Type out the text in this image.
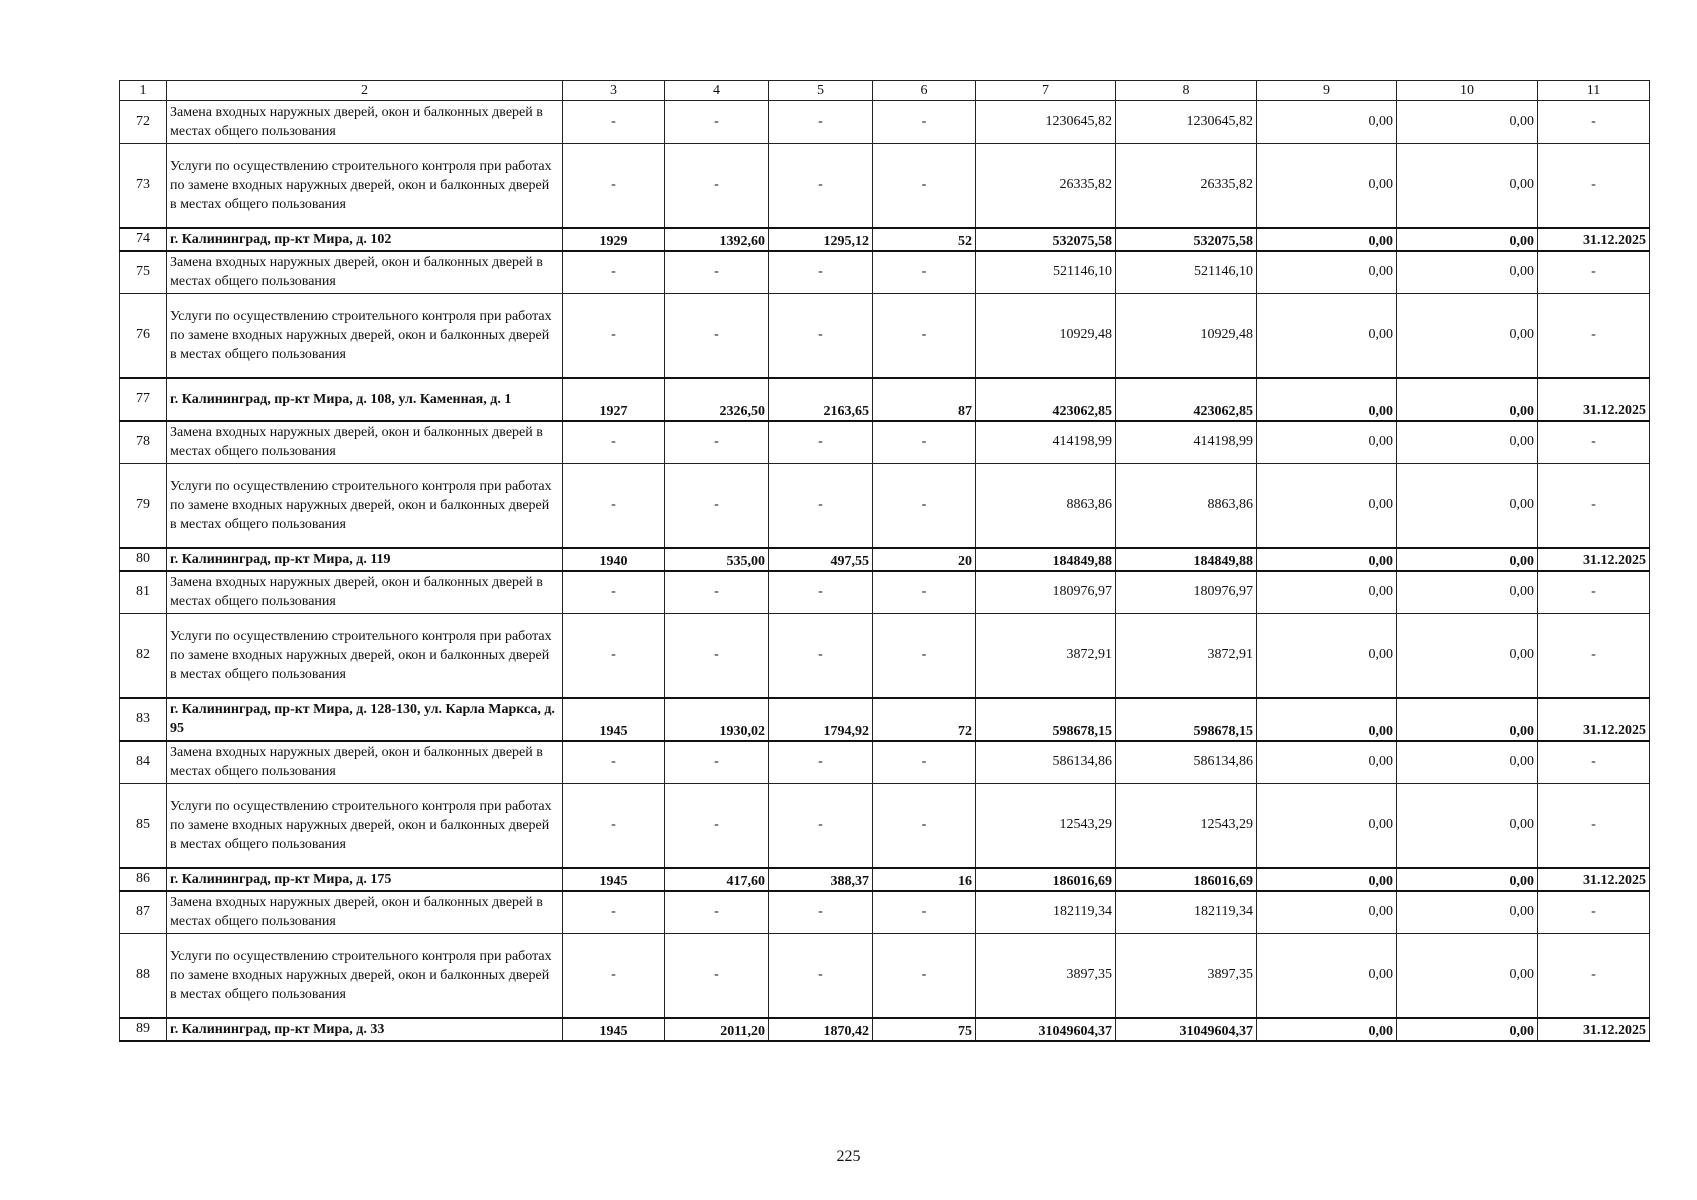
1	2	3	4	5	6	7	8	9	10	11
72	Замена входных наружных дверей, окон и балконных дверей в местах общего пользования	-	-	-	-	1230645,82	1230645,82	0,00	0,00	-
73	Услуги по осуществлению строительного контроля при работах по замене входных наружных дверей, окон и балконных дверей в местах общего пользования	-	-	-	-	26335,82	26335,82	0,00	0,00	-
74	г. Калининград, пр-кт Мира, д. 102	1929	1392,60	1295,12	52	532075,58	532075,58	0,00	0,00	31.12.2025
75	Замена входных наружных дверей, окон и балконных дверей в местах общего пользования	-	-	-	-	521146,10	521146,10	0,00	0,00	-
76	Услуги по осуществлению строительного контроля при работах по замене входных наружных дверей, окон и балконных дверей в местах общего пользования	-	-	-	-	10929,48	10929,48	0,00	0,00	-
77	г. Калининград, пр-кт Мира, д. 108, ул. Каменная, д. 1	1927	2326,50	2163,65	87	423062,85	423062,85	0,00	0,00	31.12.2025
78	Замена входных наружных дверей, окон и балконных дверей в местах общего пользования	-	-	-	-	414198,99	414198,99	0,00	0,00	-
79	Услуги по осуществлению строительного контроля при работах по замене входных наружных дверей, окон и балконных дверей в местах общего пользования	-	-	-	-	8863,86	8863,86	0,00	0,00	-
80	г. Калининград, пр-кт Мира, д. 119	1940	535,00	497,55	20	184849,88	184849,88	0,00	0,00	31.12.2025
81	Замена входных наружных дверей, окон и балконных дверей в местах общего пользования	-	-	-	-	180976,97	180976,97	0,00	0,00	-
82	Услуги по осуществлению строительного контроля при работах по замене входных наружных дверей, окон и балконных дверей в местах общего пользования	-	-	-	-	3872,91	3872,91	0,00	0,00	-
83	г. Калининград, пр-кт Мира, д. 128-130, ул. Карла Маркса, д. 95	1945	1930,02	1794,92	72	598678,15	598678,15	0,00	0,00	31.12.2025
84	Замена входных наружных дверей, окон и балконных дверей в местах общего пользования	-	-	-	-	586134,86	586134,86	0,00	0,00	-
85	Услуги по осуществлению строительного контроля при работах по замене входных наружных дверей, окон и балконных дверей в местах общего пользования	-	-	-	-	12543,29	12543,29	0,00	0,00	-
86	г. Калининград, пр-кт Мира, д. 175	1945	417,60	388,37	16	186016,69	186016,69	0,00	0,00	31.12.2025
87	Замена входных наружных дверей, окон и балконных дверей в местах общего пользования	-	-	-	-	182119,34	182119,34	0,00	0,00	-
88	Услуги по осуществлению строительного контроля при работах по замене входных наружных дверей, окон и балконных дверей в местах общего пользования	-	-	-	-	3897,35	3897,35	0,00	0,00	-
89	г. Калининград, пр-кт Мира, д. 33	1945	2011,20	1870,42	75	31049604,37	31049604,37	0,00	0,00	31.12.2025
225
